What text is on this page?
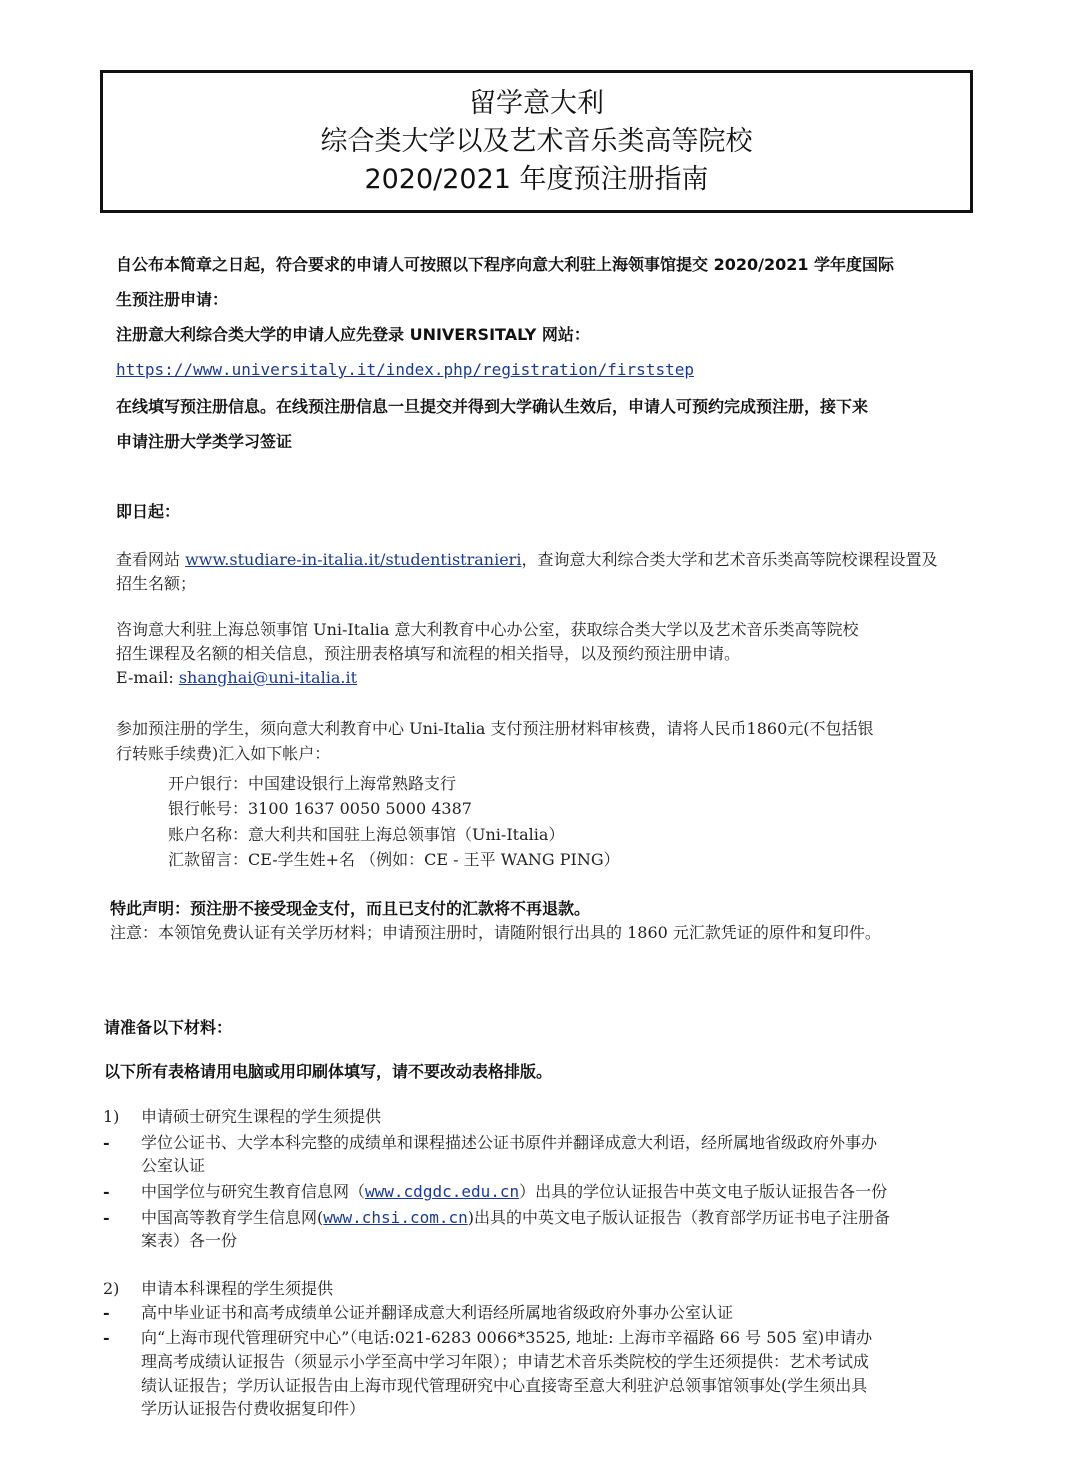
留学意大利

综合类大学以及艺术音乐类高等院校

2020/2021 年度预注册指南

自公布本简章之日起，符合要求的申请人可按照以下程序向意大利驻上海领事馆提交 2020/2021 学年度国际
生预注册申请：
注册意大利综合类大学的申请人应先登录 UNIVERSITALY 网站：
https://www.universitaly.it/index.php/registration/firststep
在线填写预注册信息。在线预注册信息一旦提交并得到大学确认生效后，申请人可预约完成预注册，接下来
申请注册大学类学习签证
即日起：
查看网站 www.studiare-in-italia.it/studentistranieri，查询意大利综合类大学和艺术音乐类高等院校课程设置及
招生名额；
咨询意大利驻上海总领事馆 Uni-Italia 意大利教育中心办公室，获取综合类大学以及艺术音乐类高等院校
招生课程及名额的相关信息，预注册表格填写和流程的相关指导，以及预约预注册申请。
E-mail: shanghai@uni-italia.it
参加预注册的学生，须向意大利教育中心 Uni-Italia 支付预注册材料审核费，请将人民币1860元(不包括银
行转账手续费)汇入如下帐户：
开户银行：中国建设银行上海常熟路支行
银行帐号：3100 1637 0050 5000 4387
账户名称：意大利共和国驻上海总领事馆（Uni-Italia）
汇款留言：CE-学生姓+名 （例如：CE - 王平 WANG PING）
特此声明：预注册不接受现金支付，而且已支付的汇款将不再退款。
注意：本领馆免费认证有关学历材料；申请预注册时，请随附银行出具的 1860 元汇款凭证的原件和复印件。
请准备以下材料：
以下所有表格请用电脑或用印刷体填写，请不要改动表格排版。
1) 申请硕士研究生课程的学生须提供
- 学位公证书、大学本科完整的成绩单和课程描述公证书原件并翻译成意大利语，经所属地省级政府外事办
公室认证
- 中国学位与研究生教育信息网（www.cdgdc.edu.cn）出具的学位认证报告中英文电子版认证报告各一份
- 中国高等教育学生信息网(www.chsi.com.cn)出具的中英文电子版认证报告（教育部学历证书电子注册备
案表）各一份
2) 申请本科课程的学生须提供
- 高中毕业证书和高考成绩单公证并翻译成意大利语经所属地省级政府外事办公室认证
- 向“上海市现代管理研究中心”（电话:021-6283 0066*3525, 地址: 上海市辛福路 66 号 505 室)申请办
理高考成绩认证报告（须显示小学至高中学习年限）；申请艺术音乐类院校的学生还须提供：艺术考试成
绩认证报告；学历认证报告由上海市现代管理研究中心直接寄至意大利驻沪总领事馆领事处(学生须出具
学历认证报告付费收据复印件）
